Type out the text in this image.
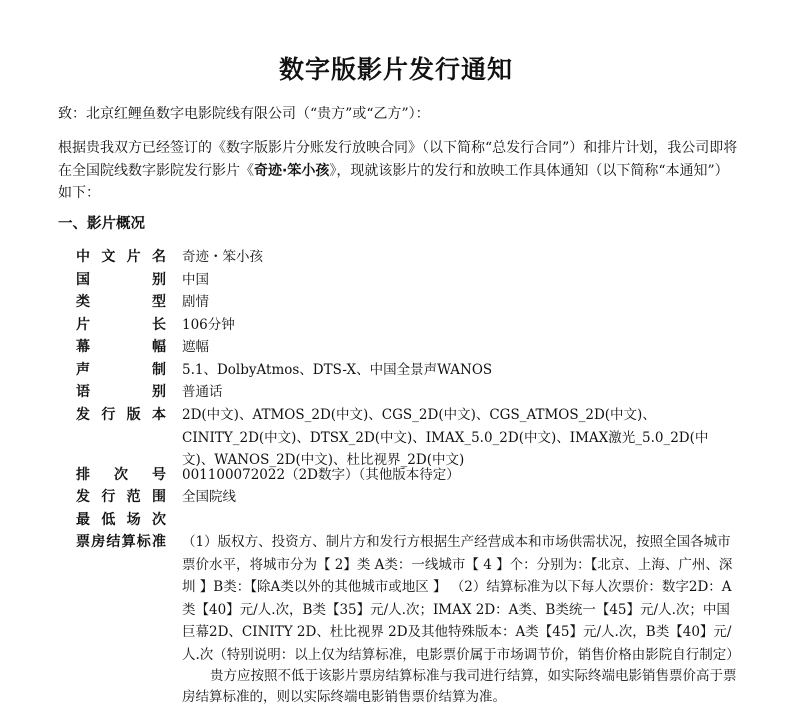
数字版影片发行通知
致：北京红鲤鱼数字电影院线有限公司（“贵方”或“乙方”）：
根据贵我双方已经签订的《数字版影片分账发行放映合同》（以下简称“总发行合同”）和排片计划，我公司即将在全国院线数字影院发行影片《奇迹·笨小孩》，现就该影片的发行和放映工作具体通知（以下简称“本通知”）如下：
一、影片概况
中文片名 奇迹・笨小孩
国别 中国
类型 剧情
片长 106分钟
幕幅 遮幅
声制 5.1、DolbyAtmos、DTS-X、中国全景声WANOS
语别 普通话
发行版本 2D(中文)、ATMOS_2D(中文)、CGS_2D(中文)、CGS_ATMOS_2D(中文)、CINITY_2D(中文)、DTSX_2D(中文)、IMAX_5.0_2D(中文)、IMAX激光_5.0_2D(中文)、WANOS_2D(中文)、杜比视界_2D(中文)
排次号 001100072022（2D数字）（其他版本待定）
发行范围 全国院线
最低场次
票房结算标准 （1）版权方、投资方、制片方和发行方根据生产经营成本和市场供需状况，按照全国各城市票价水平，将城市分为【 2】类 A类：一线城市【 4 】个：分别为：【北京、上海、广州、深圳 】B类：【除A类以外的其他城市或地区 】 （2）结算标准为以下每人次票价：数字2D：A类【40】元/人.次，B类【35】元/人.次；IMAX 2D：A类、B类统一【45】元/人.次；中国巨幕2D、CINITY 2D、杜比视界 2D及其他特殊版本：A类【45】元/人.次，B类【40】元/人.次（特别说明：以上仅为结算标准，电影票价属于市场调节价，销售价格由影院自行制定）
贵方应按照不低于该影片票房结算标准与我司进行结算，如实际终端电影销售票价高于票房结算标准的，则以实际终端电影销售票价结算为准。
